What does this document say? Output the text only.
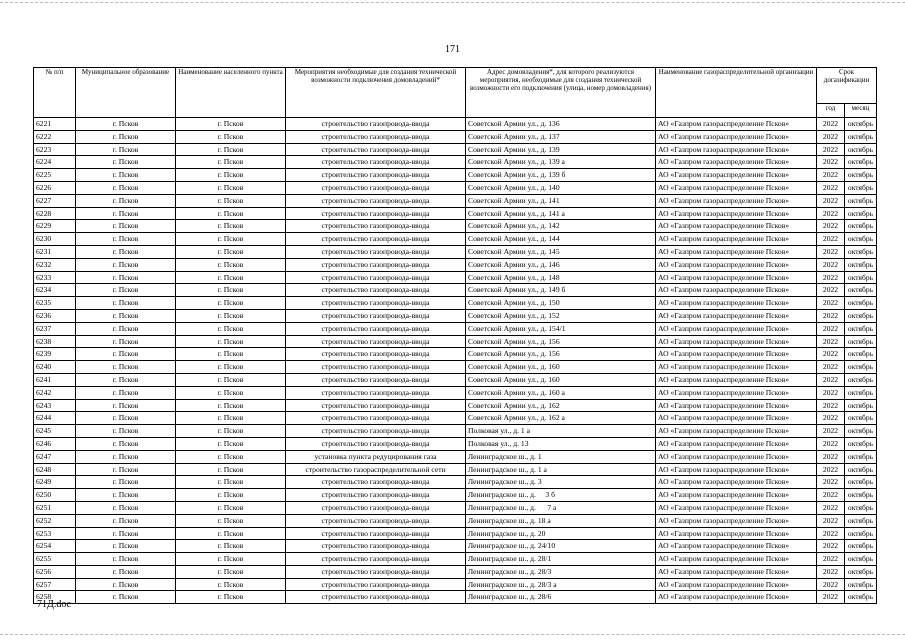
171
№ п/п	Муниципальное образование	Наименование населенного пункта	Мероприятия необходимые для создания технической возможности подключения домовладений*	Адрес домовладения*, для которого реализуются мероприятия, необходимые для создания технической возможности его подключения (улица, номер домовладения)	Наименование газораспределительной организации	Срок догазификации	
						год	месяц
6221	г. Псков	г. Псков	строительство газопровода-ввода	Советской Армии ул., д. 136	АО «Газпром газораспределение Псков»	2022	октябрь
6222	г. Псков	г. Псков	строительство газопровода-ввода	Советской Армии ул., д. 137	АО «Газпром газораспределение Псков»	2022	октябрь
6223	г. Псков	г. Псков	строительство газопровода-ввода	Советской Армии ул., д. 139	АО «Газпром газораспределение Псков»	2022	октябрь
6224	г. Псков	г. Псков	строительство газопровода-ввода	Советской Армии ул., д. 139 а	АО «Газпром газораспределение Псков»	2022	октябрь
6225	г. Псков	г. Псков	строительство газопровода-ввода	Советской Армии ул., д. 139 б	АО «Газпром газораспределение Псков»	2022	октябрь
6226	г. Псков	г. Псков	строительство газопровода-ввода	Советской Армии ул., д. 140	АО «Газпром газораспределение Псков»	2022	октябрь
6227	г. Псков	г. Псков	строительство газопровода-ввода	Советской Армии ул., д. 141	АО «Газпром газораспределение Псков»	2022	октябрь
6228	г. Псков	г. Псков	строительство газопровода-ввода	Советской Армии ул., д. 141 а	АО «Газпром газораспределение Псков»	2022	октябрь
6229	г. Псков	г. Псков	строительство газопровода-ввода	Советской Армии ул., д. 142	АО «Газпром газораспределение Псков»	2022	октябрь
6230	г. Псков	г. Псков	строительство газопровода-ввода	Советской Армии ул., д. 144	АО «Газпром газораспределение Псков»	2022	октябрь
6231	г. Псков	г. Псков	строительство газопровода-ввода	Советской Армии ул., д. 145	АО «Газпром газораспределение Псков»	2022	октябрь
6232	г. Псков	г. Псков	строительство газопровода-ввода	Советской Армии ул., д. 146	АО «Газпром газораспределение Псков»	2022	октябрь
6233	г. Псков	г. Псков	строительство газопровода-ввода	Советской Армии ул., д. 148	АО «Газпром газораспределение Псков»	2022	октябрь
6234	г. Псков	г. Псков	строительство газопровода-ввода	Советской Армии ул., д. 149 б	АО «Газпром газораспределение Псков»	2022	октябрь
6235	г. Псков	г. Псков	строительство газопровода-ввода	Советской Армии ул., д. 150	АО «Газпром газораспределение Псков»	2022	октябрь
6236	г. Псков	г. Псков	строительство газопровода-ввода	Советской Армии ул., д. 152	АО «Газпром газораспределение Псков»	2022	октябрь
6237	г. Псков	г. Псков	строительство газопровода-ввода	Советской Армии ул., д. 154/1	АО «Газпром газораспределение Псков»	2022	октябрь
6238	г. Псков	г. Псков	строительство газопровода-ввода	Советской Армии ул., д. 156	АО «Газпром газораспределение Псков»	2022	октябрь
6239	г. Псков	г. Псков	строительство газопровода-ввода	Советской Армии ул., д. 156	АО «Газпром газораспределение Псков»	2022	октябрь
6240	г. Псков	г. Псков	строительство газопровода-ввода	Советской Армии ул., д. 160	АО «Газпром газораспределение Псков»	2022	октябрь
6241	г. Псков	г. Псков	строительство газопровода-ввода	Советской Армии ул., д. 160	АО «Газпром газораспределение Псков»	2022	октябрь
6242	г. Псков	г. Псков	строительство газопровода-ввода	Советской Армии ул., д. 160 а	АО «Газпром газораспределение Псков»	2022	октябрь
6243	г. Псков	г. Псков	строительство газопровода-ввода	Советской Армии ул., д. 162	АО «Газпром газораспределение Псков»	2022	октябрь
6244	г. Псков	г. Псков	строительство газопровода-ввода	Советской Армии ул., д. 162 а	АО «Газпром газораспределение Псков»	2022	октябрь
6245	г. Псков	г. Псков	строительство газопровода-ввода	Полковая ул., д. 1 а	АО «Газпром газораспределение Псков»	2022	октябрь
6246	г. Псков	г. Псков	строительство газопровода-ввода	Полковая ул., д. 13	АО «Газпром газораспределение Псков»	2022	октябрь
6247	г. Псков	г. Псков	установка пункта редуцирования газа	Ленинградское ш., д. 1	АО «Газпром газораспределение Псков»	2022	октябрь
6248	г. Псков	г. Псков	строительство газораспределительной сети	Ленинградское ш., д. 1 а	АО «Газпром газораспределение Псков»	2022	октябрь
6249	г. Псков	г. Псков	строительство газопровода-ввода	Ленинградское ш., д. 3	АО «Газпром газораспределение Псков»	2022	октябрь
6250	г. Псков	г. Псков	строительство газопровода-ввода	Ленинградское ш., д.     3 б	АО «Газпром газораспределение Псков»	2022	октябрь
6251	г. Псков	г. Псков	строительство газопровода-ввода	Ленинградское ш., д.      7 а	АО «Газпром газораспределение Псков»	2022	октябрь
6252	г. Псков	г. Псков	строительство газопровода-ввода	Ленинградское ш., д. 18 а	АО «Газпром газораспределение Псков»	2022	октябрь
6253	г. Псков	г. Псков	строительство газопровода-ввода	Ленинградское ш., д. 20	АО «Газпром газораспределение Псков»	2022	октябрь
6254	г. Псков	г. Псков	строительство газопровода-ввода	Ленинградское ш., д. 24/10	АО «Газпром газораспределение Псков»	2022	октябрь
6255	г. Псков	г. Псков	строительство газопровода-ввода	Ленинградское ш., д. 28/1	АО «Газпром газораспределение Псков»	2022	октябрь
6256	г. Псков	г. Псков	строительство газопровода-ввода	Ленинградское ш., д. 28/3	АО «Газпром газораспределение Псков»	2022	октябрь
6257	г. Псков	г. Псков	строительство газопровода-ввода	Ленинградское ш., д. 28/3 а	АО «Газпром газораспределение Псков»	2022	октябрь
6258	г. Псков	г. Псков	строительство газопровода-ввода	Ленинградское ш., д. 28/6	АО «Газпром газораспределение Псков»	2022	октябрь
71Д.doc
